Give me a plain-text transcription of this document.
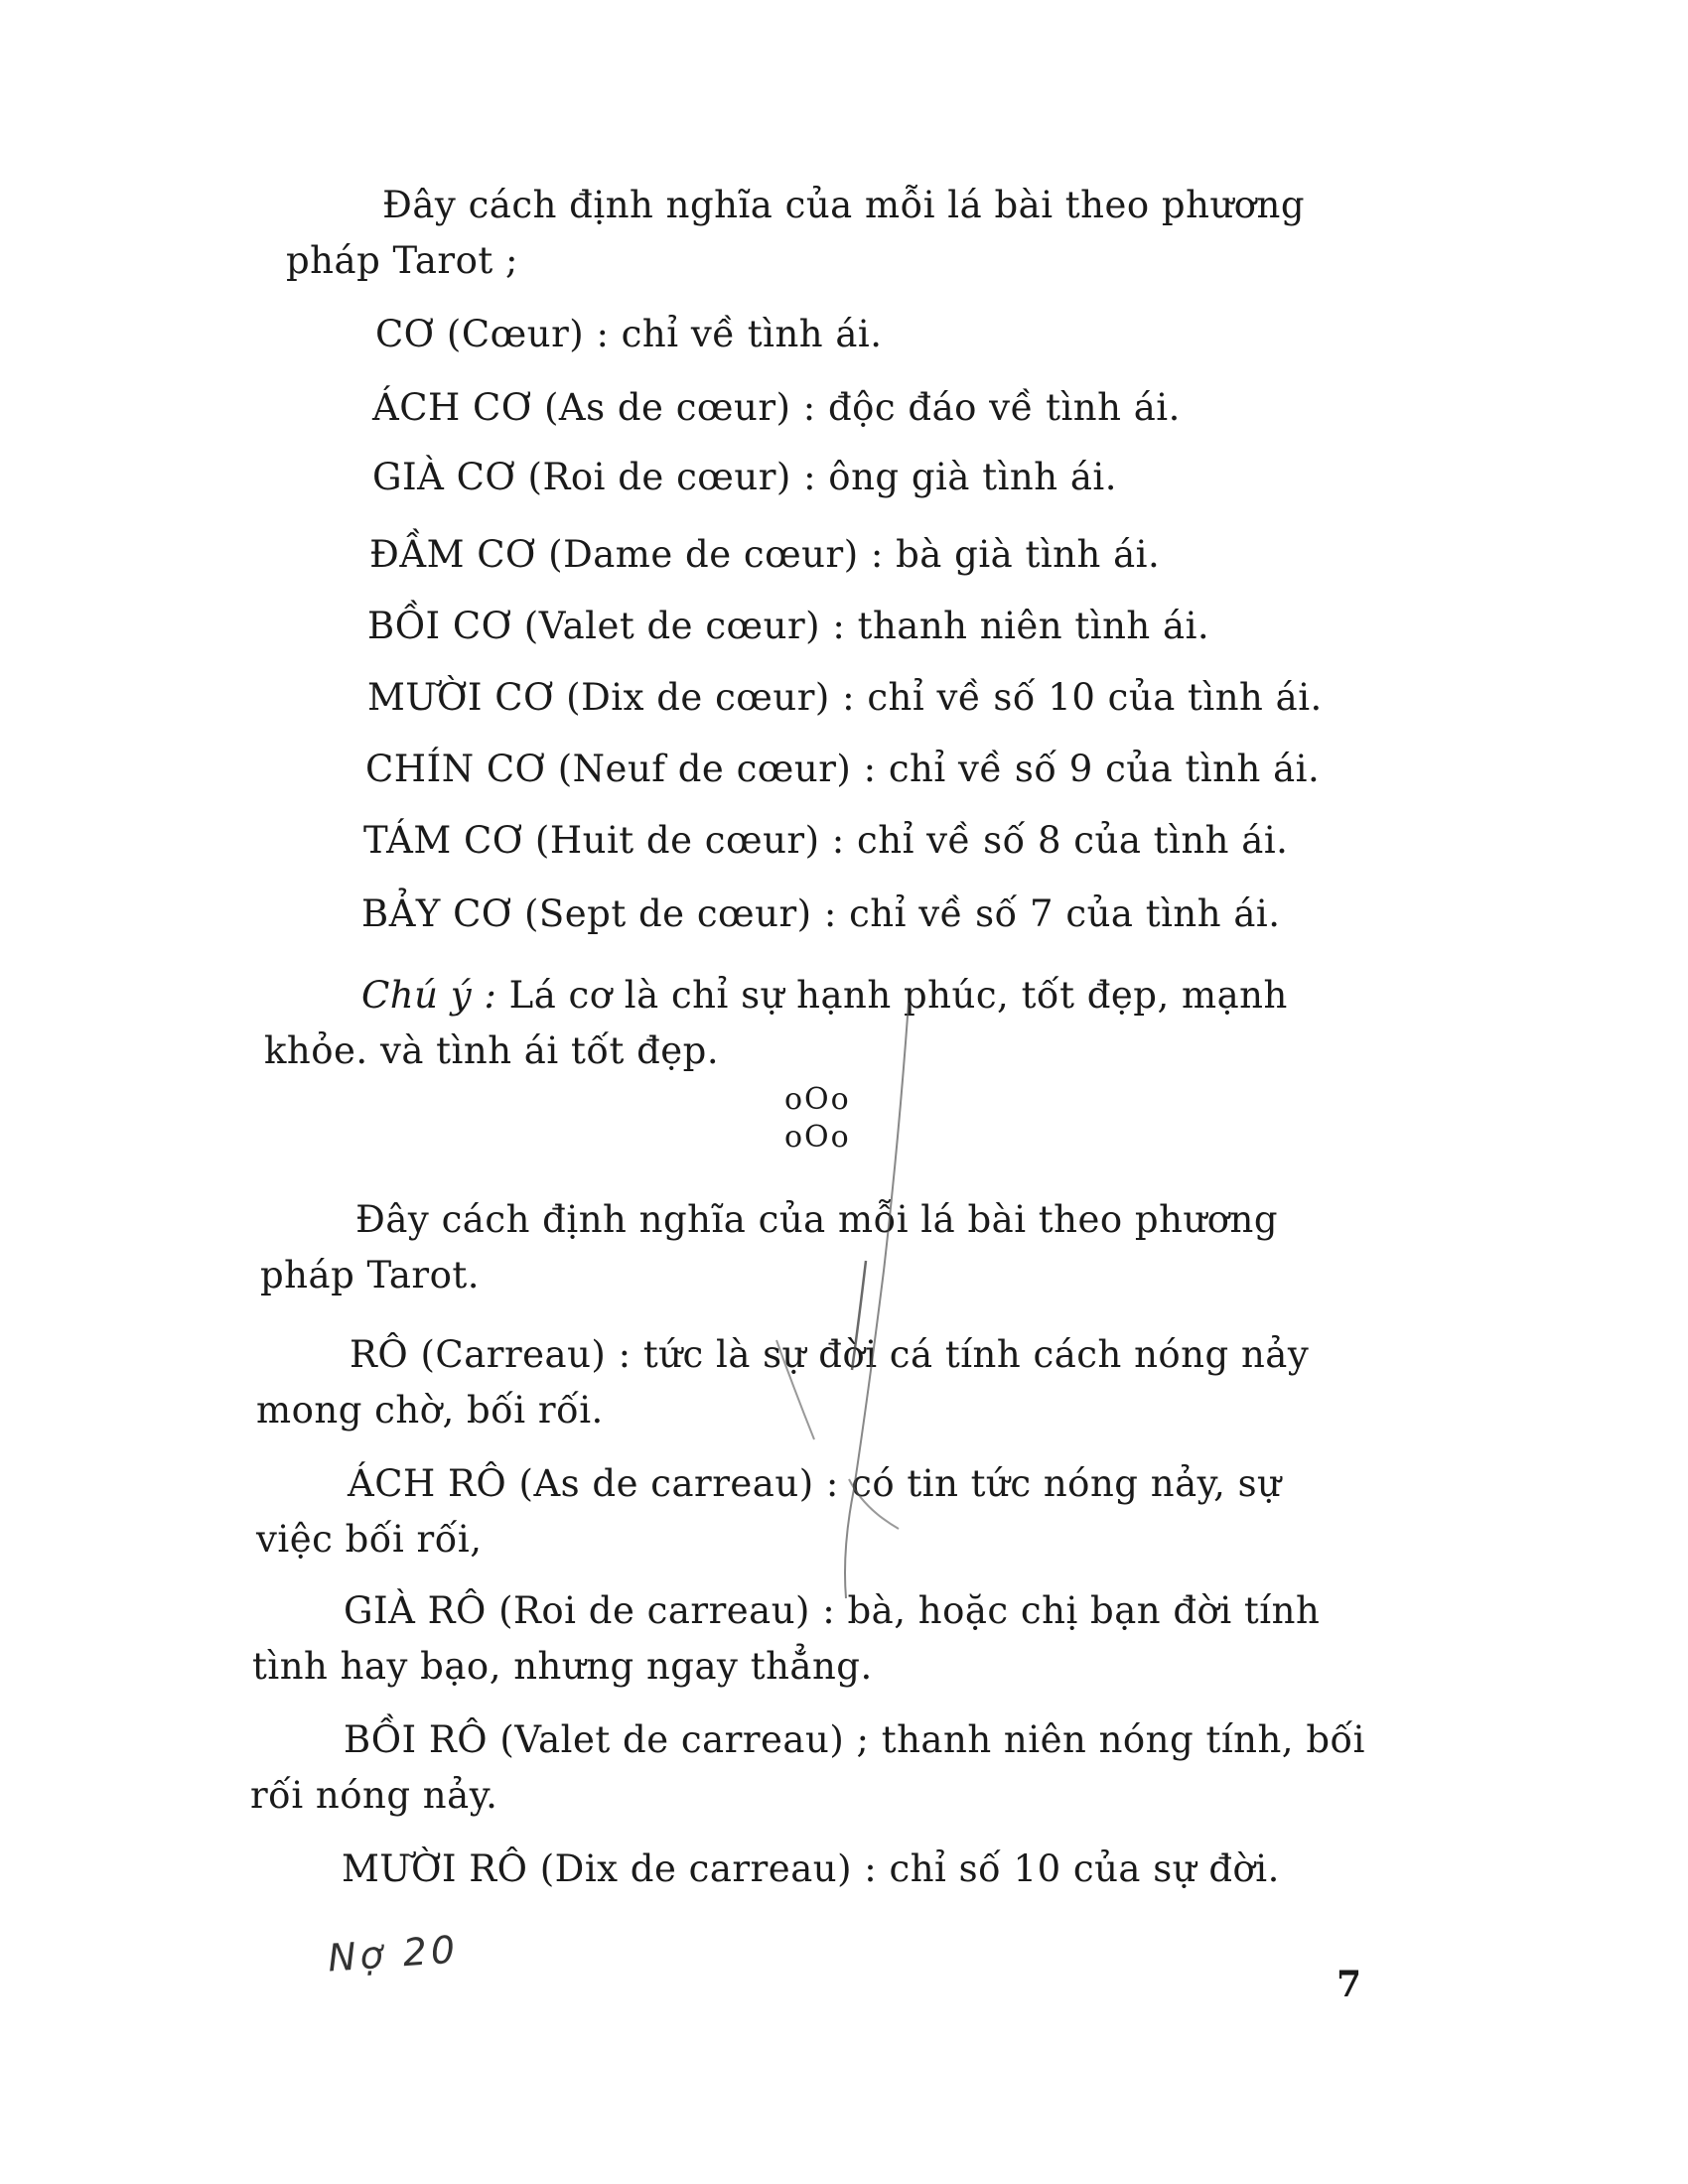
Đây cách định nghĩa của mỗi lá bài theo phương
pháp Tarot ;
CƠ (Cœur) : chỉ về tình ái.
ÁCH CƠ (As de cœur) : độc đáo về tình ái.
GIÀ CƠ (Roi de cœur) : ông già tình ái.
ĐẦM CƠ (Dame de cœur) : bà già tình ái.
BỒI CƠ (Valet de cœur) : thanh niên tình ái.
MƯỜI CƠ (Dix de cœur) : chỉ về số 10 của tình ái.
CHÍN CƠ (Neuf de cœur) : chỉ về số 9 của tình ái.
TÁM CƠ (Huit de cœur) : chỉ về số 8 của tình ái.
BẢY CƠ (Sept de cœur) : chỉ về số 7 của tình ái.
Chú ý : Lá cơ là chỉ sự hạnh phúc, tốt đẹp, mạnh
khỏe. và tình ái tốt đẹp.
oOo
oOo
Đây cách định nghĩa của mỗi lá bài theo phương
pháp Tarot.
RÔ (Carreau) : tức là sự đời cá tính cách nóng nảy
mong chờ, bối rối.
ÁCH RÔ (As de carreau) : có tin tức nóng nảy, sự
việc bối rối,
GIÀ RÔ (Roi de carreau) : bà, hoặc chị bạn đời tính
tình hay bạo, nhưng ngay thẳng.
BỒI RÔ (Valet de carreau) ; thanh niên nóng tính, bối
rối nóng nảy.
MƯỜI RÔ (Dix de carreau) : chỉ số 10 của sự đời.
Nợ 20
7
